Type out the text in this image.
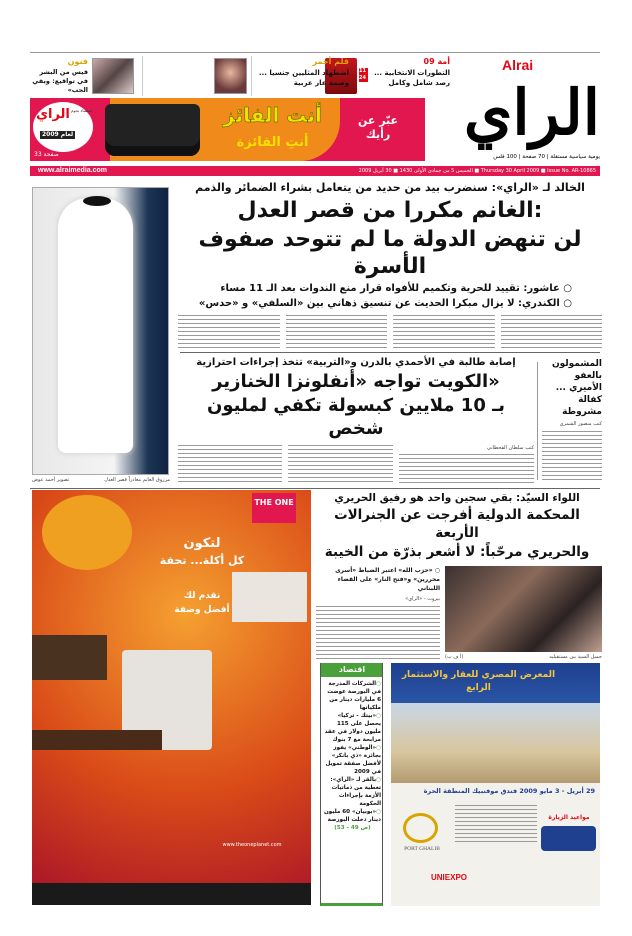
Alrai
الراي
يومية سياسية مستقلة | 70 صفحة | 100 فلس
أمة 09
11 24
التطورات الانتخابية ... رصد شامل وكامل
قلم أحمر
اضطهاد المثليين جنسيا ... وصمة عار عربية
فنون
قيس من البشر في تواقيع: وبقي الحب»
أنت الفائز
أنتِ الفائزة
عبّر عن رأيك
الراي استفتاء نجوم
لعام 2009
صفحة 33
www.alraimedia.com	Thursday 30 April 2009 ■ Issue No. AR-10865 ■ الخميس 5 من جمادى الأولى 1430 ■ 30 أبريل 2009
مرزوق الغانم مغادراً قصر العدل
تصوير أحمد عوض
الخالد لـ «الراي»: سنضرب بيد من حديد من يتعامل بشراء الضمائر والذمم
الغانم مكررا من قصر العدل:
لن تنهض الدولة ما لم تتوحد صفوف الأسرة
○ عاشور: تقييد للحرية وتكميم للأفواه قرار منع الندوات بعد الـ 11 مساء
○ الكندري: لا يزال مبكرا الحديث عن تنسيق ذهاني بين «السلفي» و «حدس»
المشمولون بالعفو الأميري ... كفالة مشروطة
كتب منصور الشمري
إصابة طالبة في الأحمدي بالدرن و«التربية» تتخذ إجراءات احترازية
الكويت تواجه «أنفلونزا الخنازير»
بـ 10 ملايين كبسولة تكفي لمليون شخص
كتب سلطان القحطاني
THE ONE
لتكون
كل أكلة... تحفة
نقدم لك
أفضل وصفة
www.theoneplanet.com
اللواء السيّد: بقي سجين واحد هو رفيق الحريري
المحكمة الدولية أفرجت عن الجنرالات الأربعة
والحريري مرحّباً: لا أشعر بذرّة من الخيبة
○ «حزب الله» اعتبر الضباط «أسرى محررين» و«فتح النار» على القضاء اللبناني
بيروت - «الراي»
(أ ف ب)	جميل السيد بين مستقبليه
اقتصاد
○الشركات المدرجة في البورصة عوضت 6 مليارات دينار من ملكياتها
○«بيتك - تركيا» يحصل على 115 مليون دولار في عقد مرابحة مع 7 بنوك
○«الوطني» يفوز بجائزة «ذي بانكر» لأفضل صفقة تمويل في 2009
○بالقر لـ «الراي»: تغطية من ذماتيات الأزمة بإجراءات الحكومة
○«بوبيان» 60 مليون دينار دخلت البورصة
(ص 49 - 53)
المعرض المصري للعقار والاستثمار الرابع
29 أبريل - 3 مايو 2009 فندق موفنبيك المنطقة الحرة
PORT GHALIB
مواعيد الزيارة
UNIEXPO
